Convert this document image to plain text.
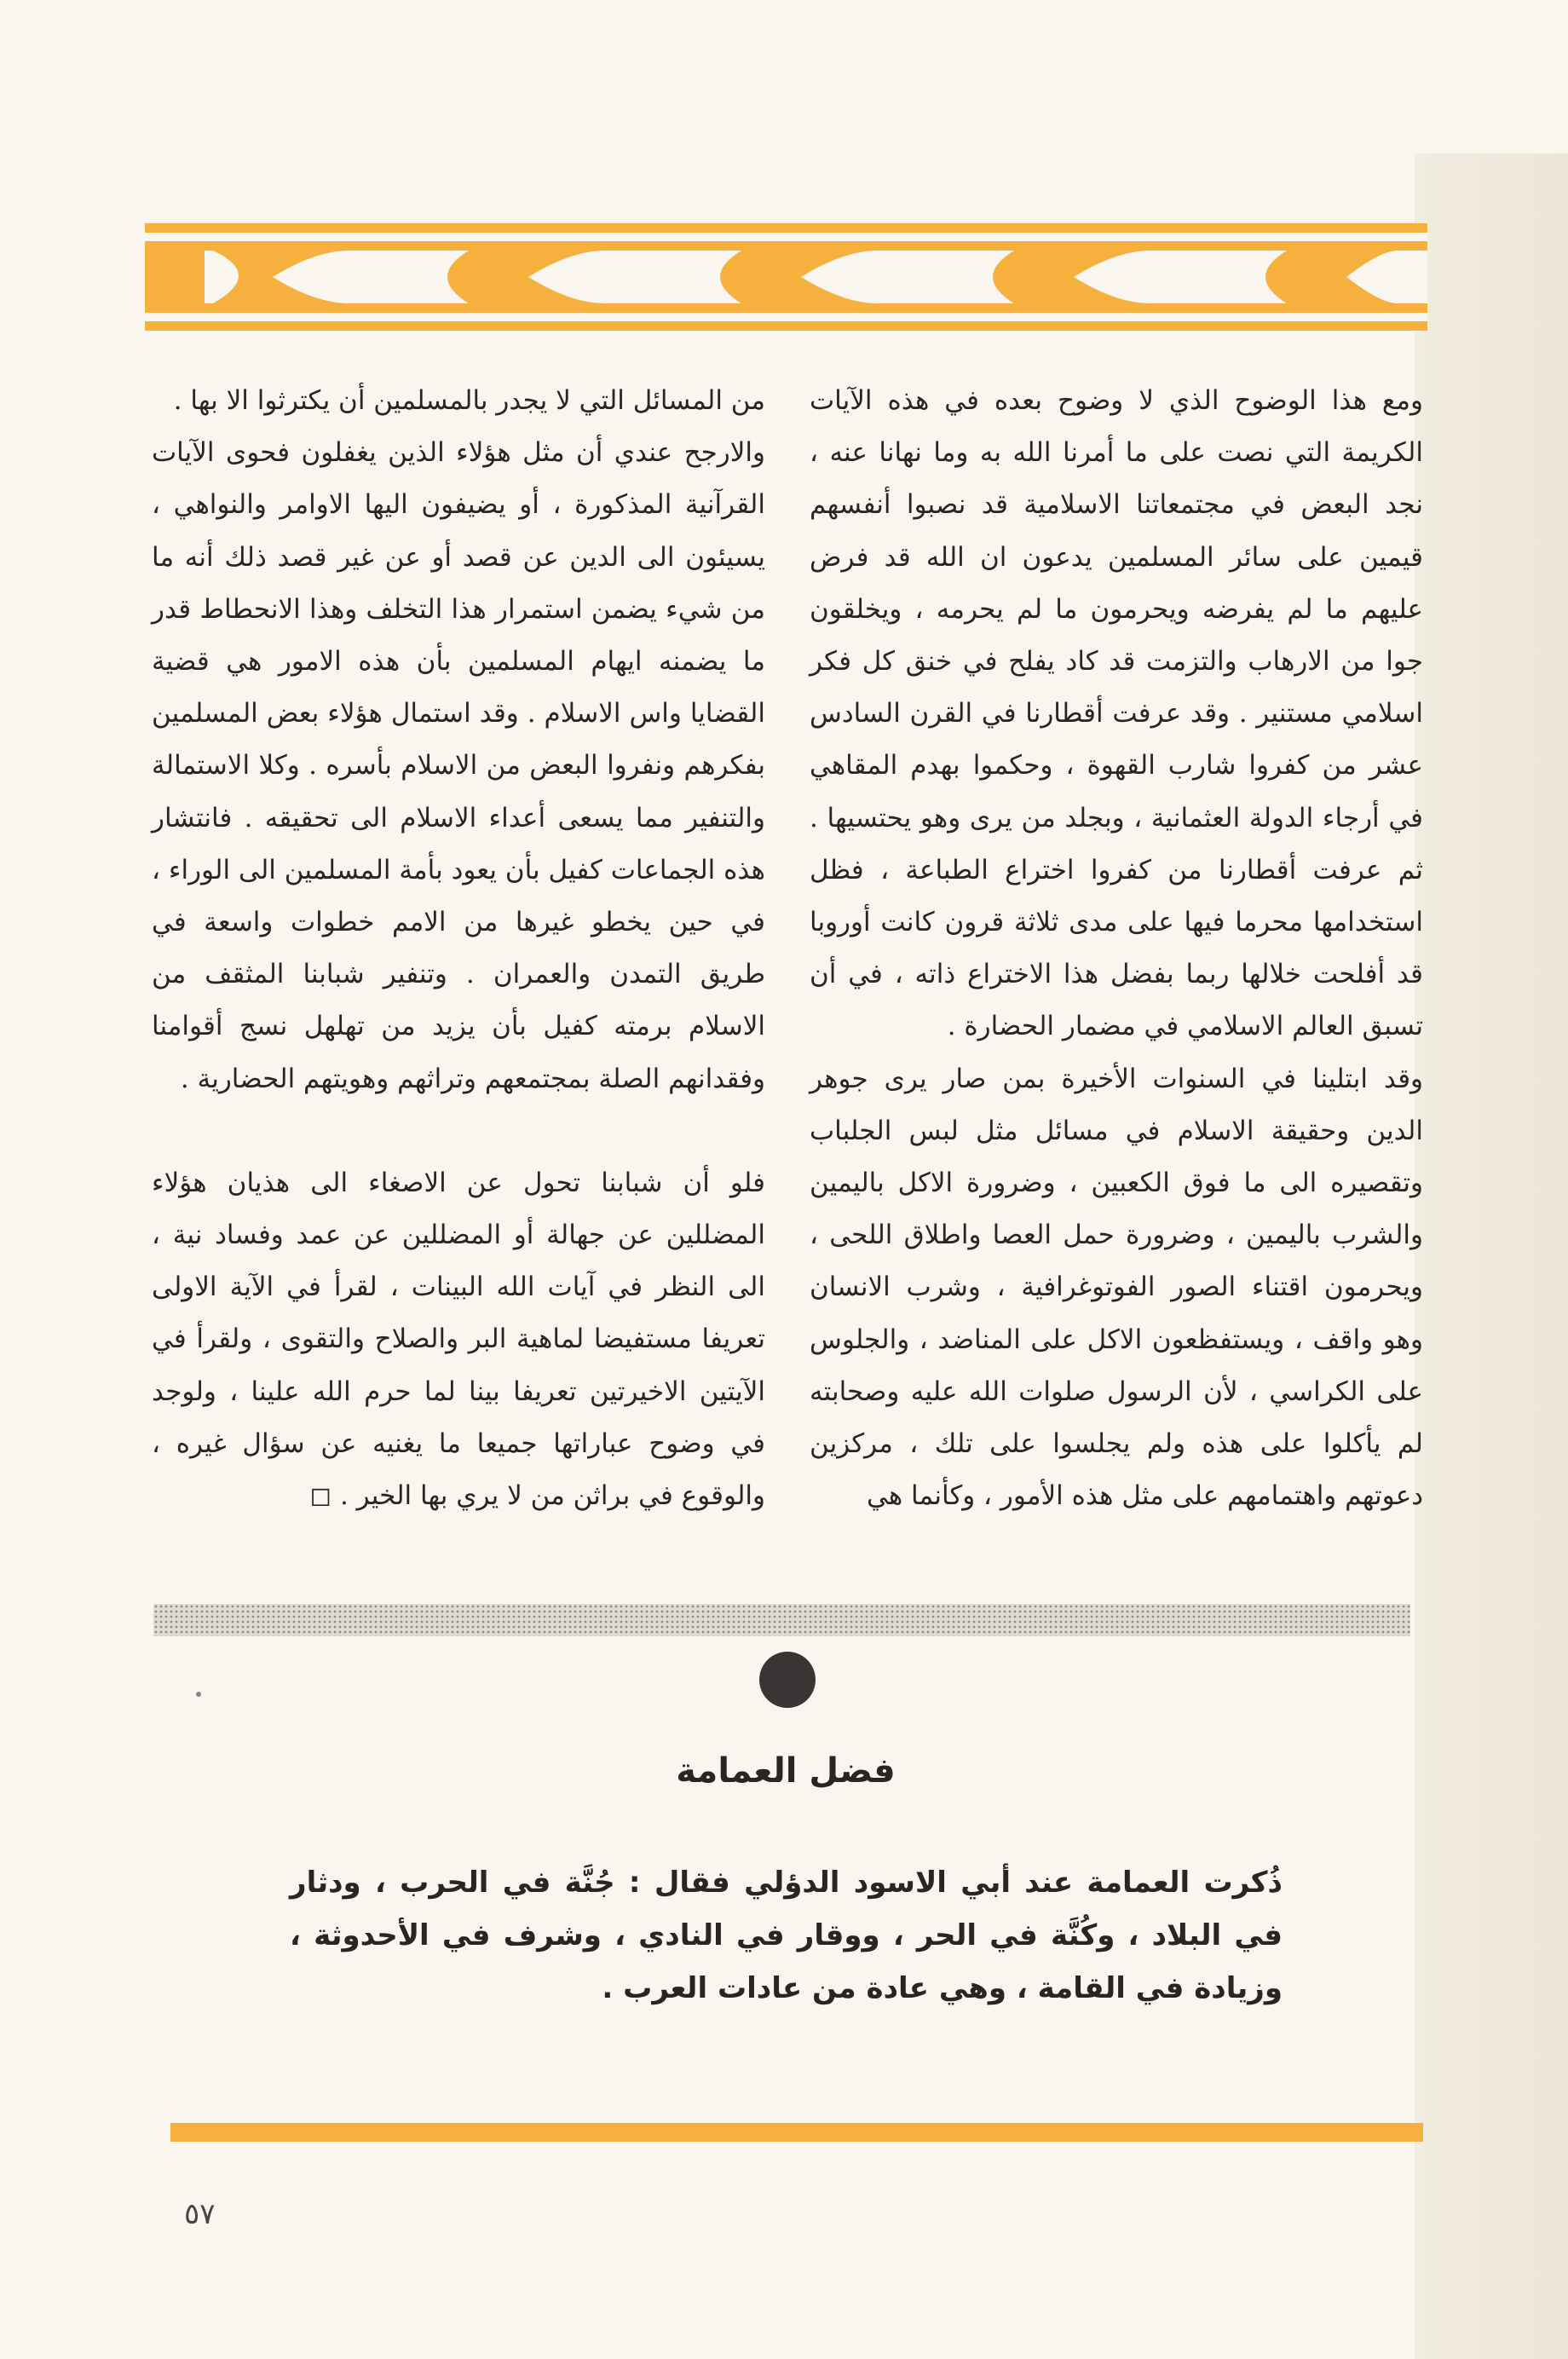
ومع هذا الوضوح الذي لا وضوح بعده في هذه الآيات الكريمة التي نصت على ما أمرنا الله به وما نهانا عنه ، نجد البعض في مجتمعاتنا الاسلامية قد نصبوا أنفسهم قيمين على سائر المسلمين يدعون ان الله قد فرض عليهم ما لم يفرضه ويحرمون ما لم يحرمه ، ويخلقون جوا من الارهاب والتزمت قد كاد يفلح في خنق كل فكر اسلامي مستنير . وقد عرفت أقطارنا في القرن السادس عشر من كفروا شارب القهوة ، وحكموا بهدم المقاهي في أرجاء الدولة العثمانية ، وبجلد من يرى وهو يحتسيها . ثم عرفت أقطارنا من كفروا اختراع الطباعة ، فظل استخدامها محرما فيها على مدى ثلاثة قرون كانت أوروبا قد أفلحت خلالها ربما بفضل هذا الاختراع ذاته ، في أن تسبق العالم الاسلامي في مضمار الحضارة .

وقد ابتلينا في السنوات الأخيرة بمن صار يرى جوهر الدين وحقيقة الاسلام في مسائل مثل لبس الجلباب وتقصيره الى ما فوق الكعبين ، وضرورة الاكل باليمين والشرب باليمين ، وضرورة حمل العصا واطلاق اللحى ، ويحرمون اقتناء الصور الفوتوغرافية ، وشرب الانسان وهو واقف ، ويستفظعون الاكل على المناضد ، والجلوس على الكراسي ، لأن الرسول صلوات الله عليه وصحابته لم يأكلوا على هذه ولم يجلسوا على تلك ، مركزين دعوتهم واهتمامهم على مثل هذه الأمور ، وكأنما هي

من المسائل التي لا يجدر بالمسلمين أن يكترثوا الا بها .

والارجح عندي أن مثل هؤلاء الذين يغفلون فحوى الآيات القرآنية المذكورة ، أو يضيفون اليها الاوامر والنواهي ، يسيئون الى الدين عن قصد أو عن غير قصد ذلك أنه ما من شيء يضمن استمرار هذا التخلف وهذا الانحطاط قدر ما يضمنه ايهام المسلمين بأن هذه الامور هي قضية القضايا واس الاسلام . وقد استمال هؤلاء بعض المسلمين بفكرهم ونفروا البعض من الاسلام بأسره . وكلا الاستمالة والتنفير مما يسعى أعداء الاسلام الى تحقيقه . فانتشار هذه الجماعات كفيل بأن يعود بأمة المسلمين الى الوراء ، في حين يخطو غيرها من الامم خطوات واسعة في طريق التمدن والعمران . وتنفير شبابنا المثقف من الاسلام برمته كفيل بأن يزيد من تهلهل نسج أقوامنا وفقدانهم الصلة بمجتمعهم وتراثهم وهويتهم الحضارية .

فلو أن شبابنا تحول عن الاصغاء الى هذيان هؤلاء المضللين عن جهالة أو المضللين عن عمد وفساد نية ، الى النظر في آيات الله البينات ، لقرأ في الآية الاولى تعريفا مستفيضا لماهية البر والصلاح والتقوى ، ولقرأ في الآيتين الاخيرتين تعريفا بينا لما حرم الله علينا ، ولوجد في وضوح عباراتها جميعا ما يغنيه عن سؤال غيره ، والوقوع في براثن من لا يري بها الخير . ◻

فضل العمامة
ذُكرت العمامة عند أبي الاسود الدؤلي فقال : جُنَّة في الحرب ، ودثار في البلاد ، وكُنَّة في الحر ، ووقار في النادي ، وشرف في الأحدوثة ، وزيادة في القامة ، وهي عادة من عادات العرب .
٥٧
